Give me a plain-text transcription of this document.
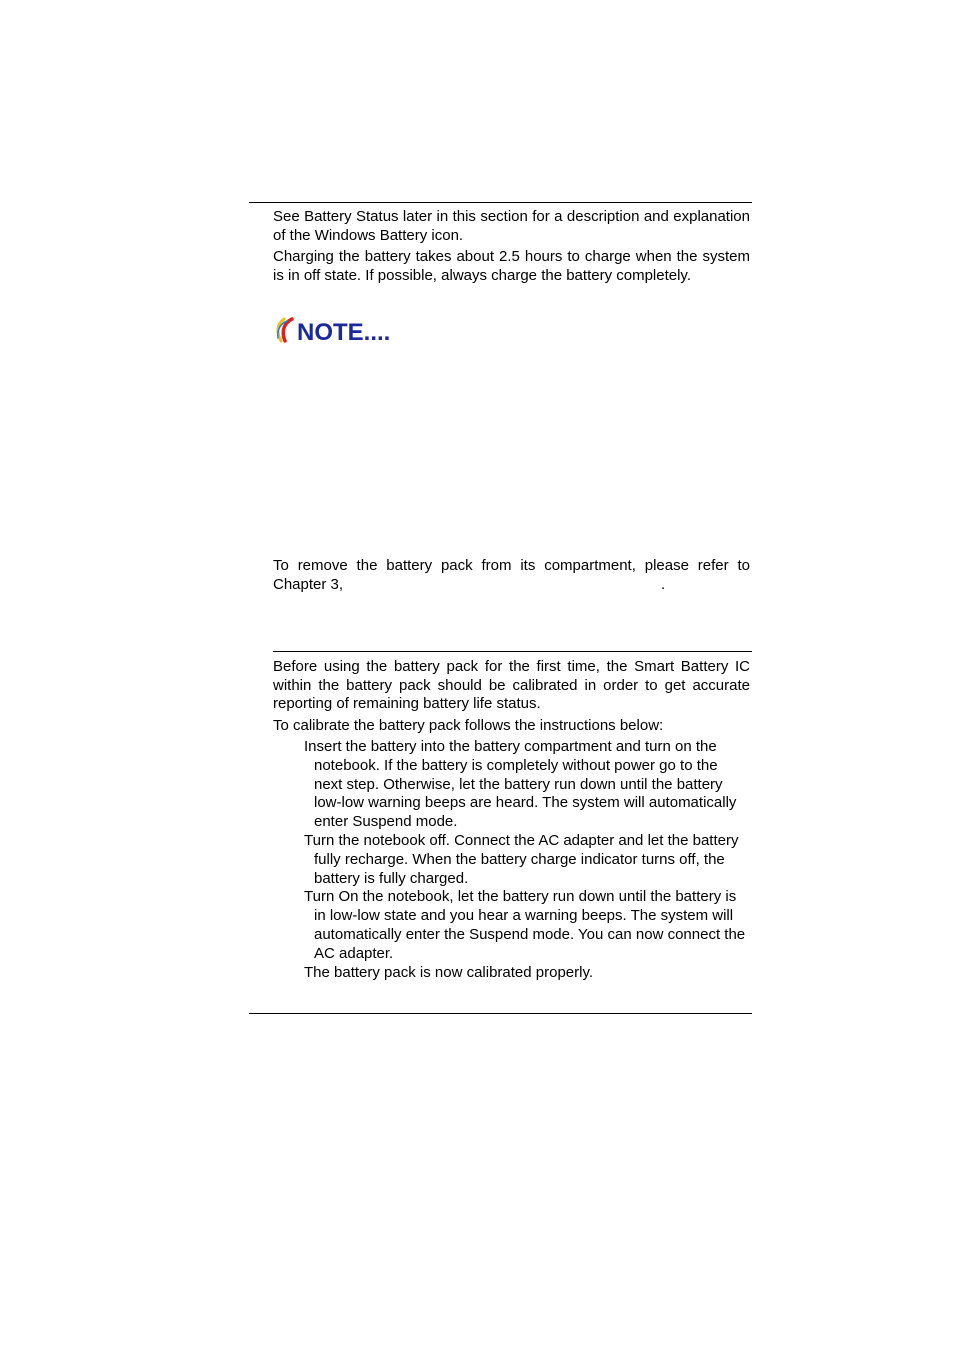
See Battery Status later in this section for a description and explanation of the Windows Battery icon.

Charging the battery takes about 2.5 hours to charge when the system is in off state. If possible, always charge the battery completely.

NOTE....

To remove the battery pack from its compartment, please refer to Chapter 3,	.

Before using the battery pack for the first time, the Smart Battery IC within the battery pack should be calibrated in order to get accurate reporting of remaining battery life status.

To calibrate the battery pack follows the instructions below:

Insert the battery into the battery compartment and turn on the notebook. If the battery is completely without power go to the next step. Otherwise, let the battery run down until the battery low-low warning beeps are heard. The system will automatically enter Suspend mode.
Turn the notebook off. Connect the AC adapter and let the battery fully recharge. When the battery charge indicator turns off, the battery is fully charged.
Turn On the notebook, let the battery run down until the battery is in low-low state and you hear a warning beeps. The system will automatically enter the Suspend mode. You can now connect the AC adapter.
The battery pack is now calibrated properly.
